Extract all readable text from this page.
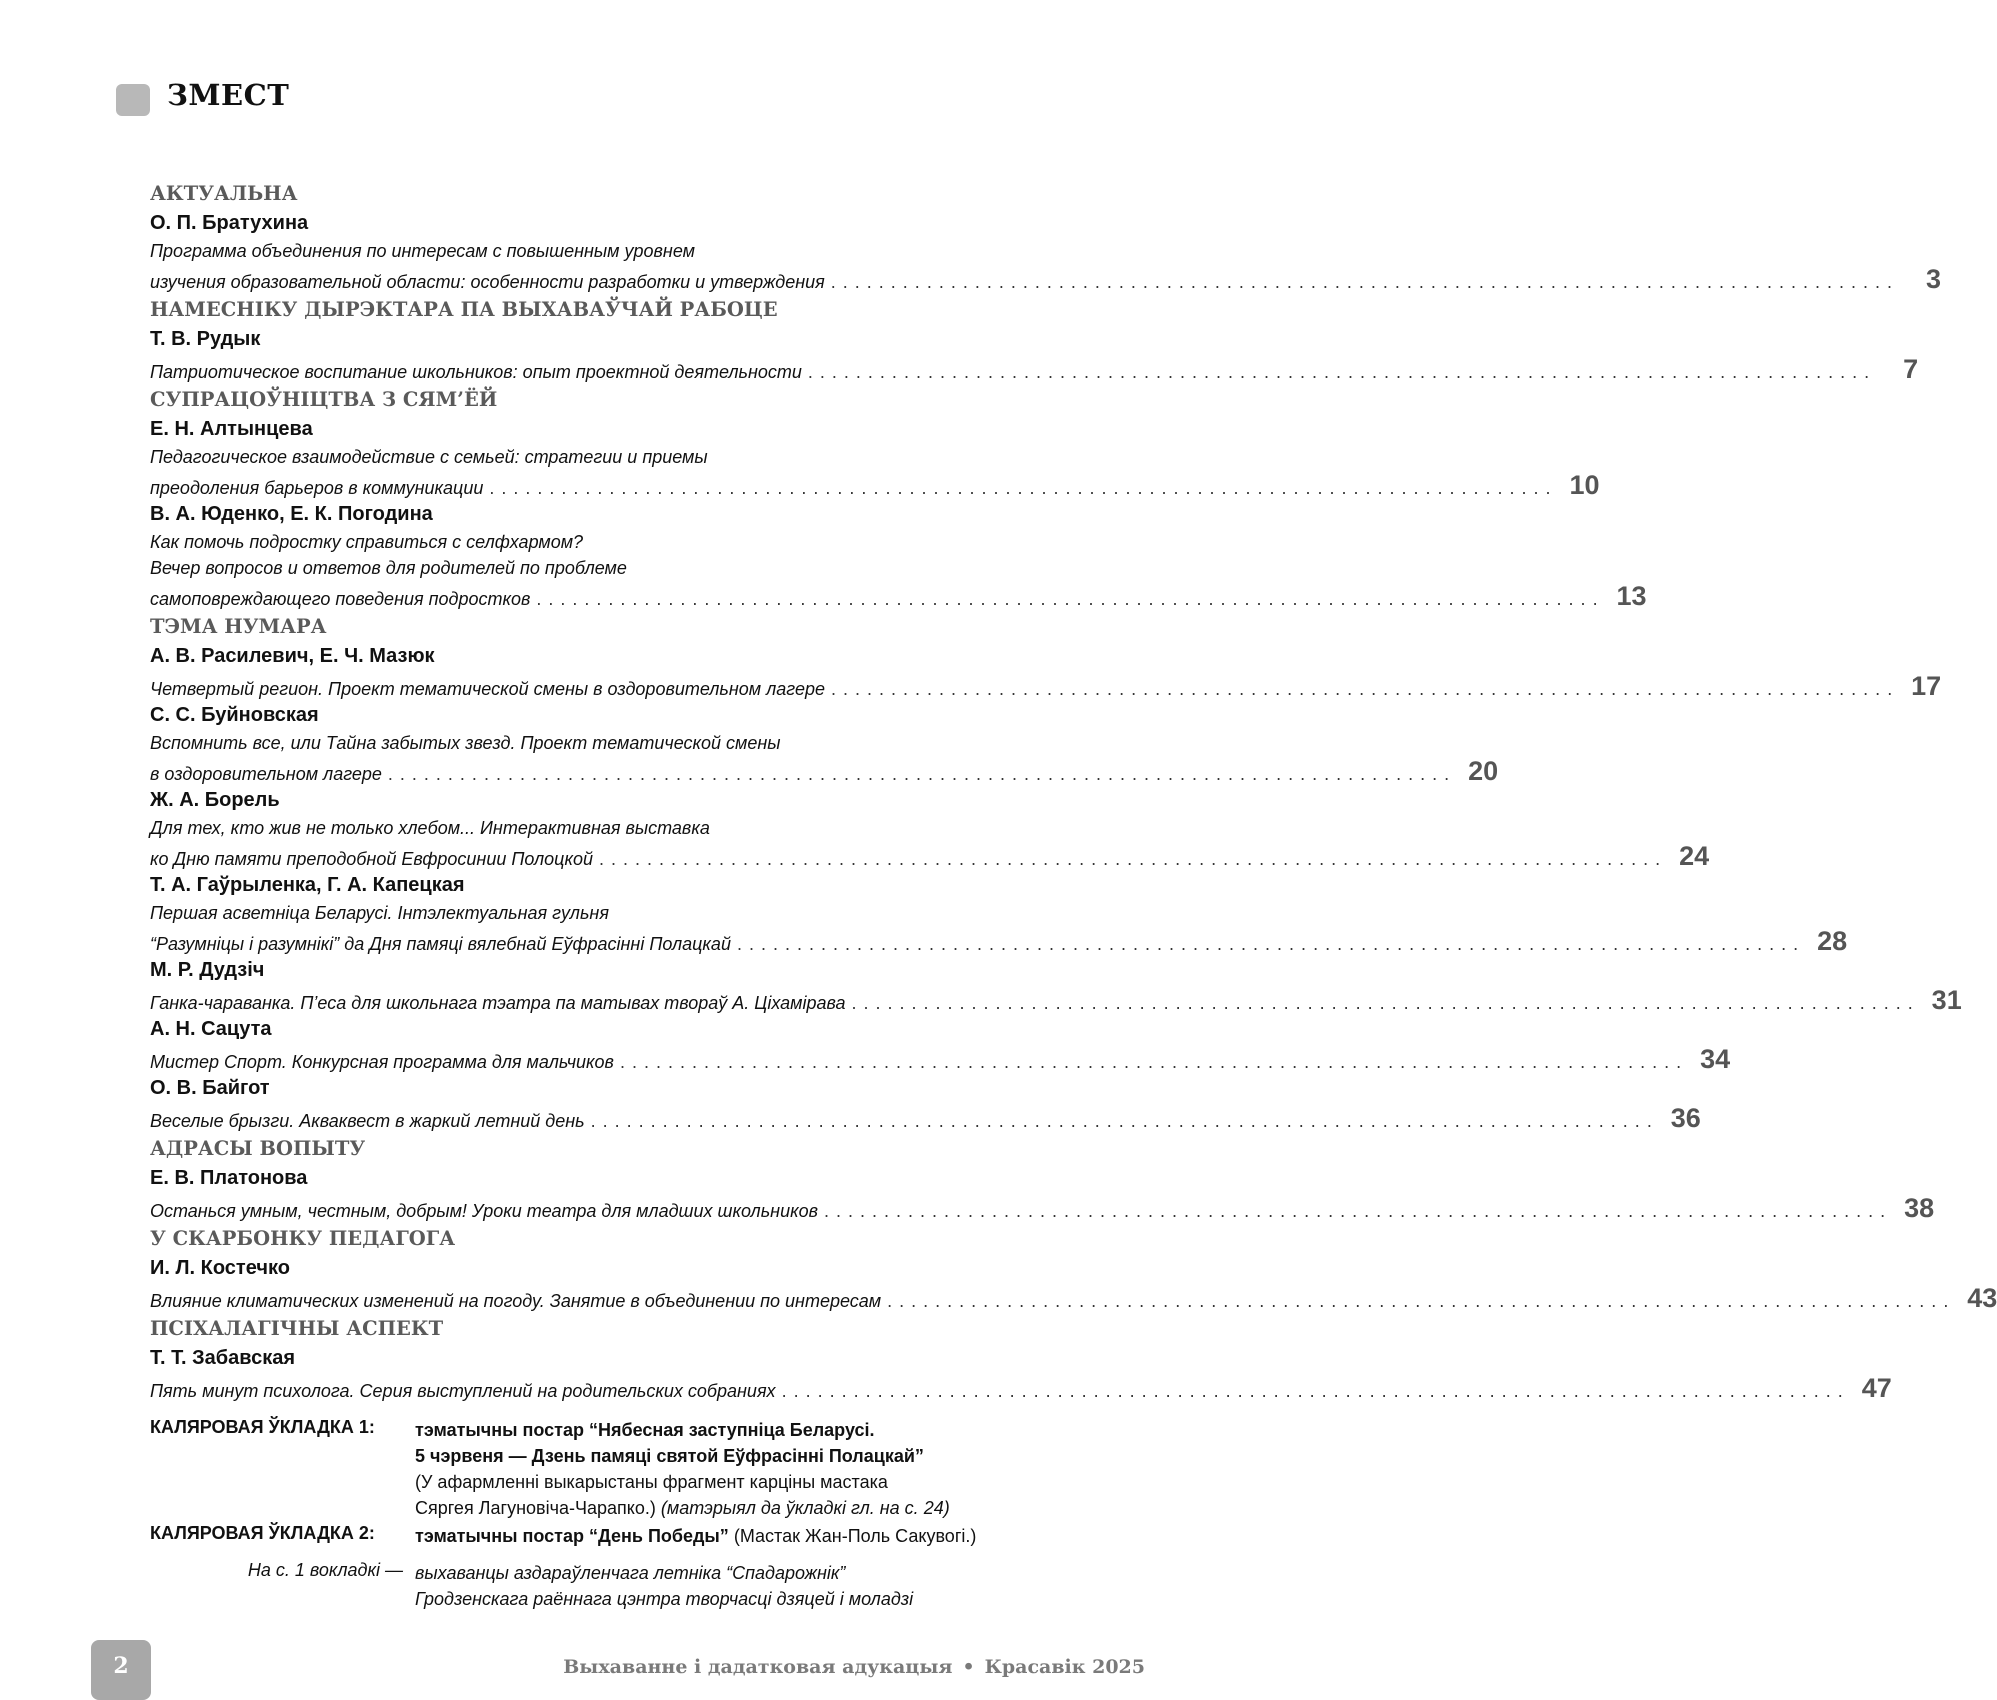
ЗМЕСТ
АКТУАЛЬНА
О. П. Братухина
Программа объединения по интересам с повышенным уровнем
изучения образовательной области: особенности разработки и утверждения . . . . . . . . . . . . . . . . . . . . . . . . . . . . . . . . . . . . . . . . . . . . . . . . . . . . . . . . . . . . . . . . . . . . . . . . . . . . . . . . . . . . . . . . .	3
НАМЕСНІКУ ДЫРЭКТАРА ПА ВЫХАВАЎЧАЙ РАБОЦЕ
Т. В. Рудык
Патриотическое воспитание школьников: опыт проектной деятельности . . . . . . . . . . . . . . . . . . . . . . . . . . . . . . . . . . . . . . . . . . . . . . . . . . . . . . . . . . . . . . . . . . . . . . . . . . . . . . . . . . . . . . . . .	7
СУПРАЦОЎНІЦТВА З СЯМ’ЁЙ
Е. Н. Алтынцева
Педагогическое взаимодействие с семьей: стратегии и приемы
преодоления барьеров в коммуникации . . . . . . . . . . . . . . . . . . . . . . . . . . . . . . . . . . . . . . . . . . . . . . . . . . . . . . . . . . . . . . . . . . . . . . . . . . . . . . . . . . . . . . . . . 10
В. А. Юденко, Е. К. Погодина
Как помочь подростку справиться с селфхармом?
Вечер вопросов и ответов для родителей по проблеме
самоповреждающего поведения подростков . . . . . . . . . . . . . . . . . . . . . . . . . . . . . . . . . . . . . . . . . . . . . . . . . . . . . . . . . . . . . . . . . . . . . . . . . . . . . . . . . . . . . . . . . 13
ТЭМА НУМАРА
А. В. Расилевич, Е. Ч. Мазюк
Четвертый регион. Проект тематической смены в оздоровительном лагере . . . . . . . . . . . . . . . . . . . . . . . . . . . . . . . . . . . . . . . . . . . . . . . . . . . . . . . . . . . . . . . . . . . . . . . . . . . . . . . . . . . . . . . . . 17
С. С. Буйновская
Вспомнить все, или Тайна забытых звезд. Проект тематической смены
в оздоровительном лагере . . . . . . . . . . . . . . . . . . . . . . . . . . . . . . . . . . . . . . . . . . . . . . . . . . . . . . . . . . . . . . . . . . . . . . . . . . . . . . . . . . . . . . . . . 20
Ж. А. Борель
Для тех, кто жив не только хлебом... Интерактивная выставка
ко Дню памяти преподобной Евфросинии Полоцкой . . . . . . . . . . . . . . . . . . . . . . . . . . . . . . . . . . . . . . . . . . . . . . . . . . . . . . . . . . . . . . . . . . . . . . . . . . . . . . . . . . . . . . . . . 24
Т. А. Гаўрыленка, Г. А. Капецкая
Першая асветніца Беларусі. Інтэлектуальная гульня
“Разумніцы і разумнікі” да Дня памяці вялебнай Еўфрасінні Полацкай . . . . . . . . . . . . . . . . . . . . . . . . . . . . . . . . . . . . . . . . . . . . . . . . . . . . . . . . . . . . . . . . . . . . . . . . . . . . . . . . . . . . . . . . . 28
М. Р. Дудзіч
Ганка-чараванка. П’еса для школьнага тэатра па матывах твораў А. Ціхамірава . . . . . . . . . . . . . . . . . . . . . . . . . . . . . . . . . . . . . . . . . . . . . . . . . . . . . . . . . . . . . . . . . . . . . . . . . . . . . . . . . . . . . . . . . 31
А. Н. Сацута
Мистер Спорт. Конкурсная программа для мальчиков . . . . . . . . . . . . . . . . . . . . . . . . . . . . . . . . . . . . . . . . . . . . . . . . . . . . . . . . . . . . . . . . . . . . . . . . . . . . . . . . . . . . . . . . . 34
О. В. Байгот
Веселые брызги. Акваквест в жаркий летний день . . . . . . . . . . . . . . . . . . . . . . . . . . . . . . . . . . . . . . . . . . . . . . . . . . . . . . . . . . . . . . . . . . . . . . . . . . . . . . . . . . . . . . . . . 36
АДРАСЫ ВОПЫТУ
Е. В. Платонова
Останься умным, честным, добрым! Уроки театра для младших школьников . . . . . . . . . . . . . . . . . . . . . . . . . . . . . . . . . . . . . . . . . . . . . . . . . . . . . . . . . . . . . . . . . . . . . . . . . . . . . . . . . . . . . . . . . 38
У СКАРБОНКУ ПЕДАГОГА
И. Л. Костечко
Влияние климатических изменений на погоду. Занятие в объединении по интересам . . . . . . . . . . . . . . . . . . . . . . . . . . . . . . . . . . . . . . . . . . . . . . . . . . . . . . . . . . . . . . . . . . . . . . . . . . . . . . . . . . . . . . . . . 43
ПСІХАЛАГІЧНЫ АСПЕКТ
Т. Т. Забавская
Пять минут психолога. Серия выступлений на родительских собраниях . . . . . . . . . . . . . . . . . . . . . . . . . . . . . . . . . . . . . . . . . . . . . . . . . . . . . . . . . . . . . . . . . . . . . . . . . . . . . . . . . . . . . . . . . 47
КАЛЯРОВАЯ ЎКЛАДКА 1:	тэматычны постар “Нябесная заступніца Беларусі.
5 чэрвеня — Дзень памяці святой Еўфрасінні Полацкай”
(У афармленні выкарыстаны фрагмент карціны мастака
Сяргея Лагуновіча-Чарапко.) (матэрыял да ўкладкі гл. на с. 24)
КАЛЯРОВАЯ ЎКЛАДКА 2:	тэматычны постар “День Победы” (Мастак Жан-Поль Сакувогі.)
На с. 1 вокладкі — выхаванцы аздараўленчага летніка “Спадарожнік”
Гродзенскага раённага цэнтра творчасці дзяцей і моладзі
2	Выхаванне і дадатковая адукацыя • Красавік 2025
